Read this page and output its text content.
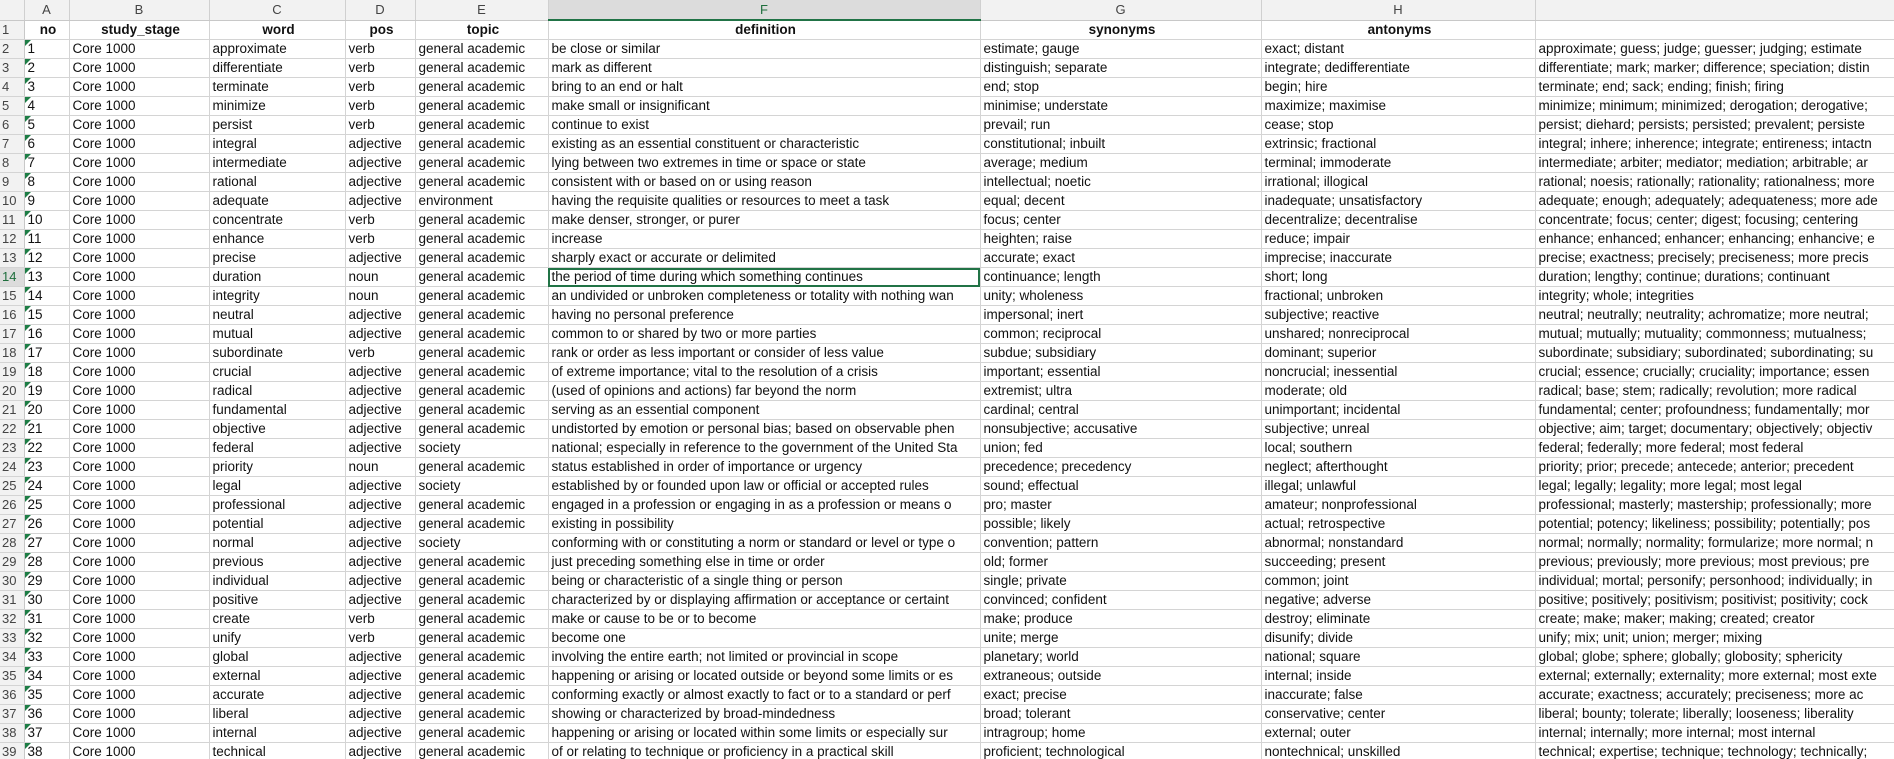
	A	B	C	D	E	F	G	H	
1	no	study_stage	word	pos	topic	definition	synonyms	antonyms	
2	1	Core 1000	approximate	verb	general academic	be close or similar	estimate; gauge	exact; distant	approximate; guess; judge; guesser; judging; estimate
3	2	Core 1000	differentiate	verb	general academic	mark as different	distinguish; separate	integrate; dedifferentiate	differentiate; mark; marker; difference; speciation; distin
4	3	Core 1000	terminate	verb	general academic	bring to an end or halt	end; stop	begin; hire	terminate; end; sack; ending; finish; firing
5	4	Core 1000	minimize	verb	general academic	make small or insignificant	minimise; understate	maximize; maximise	minimize; minimum; minimized; derogation; derogative;
6	5	Core 1000	persist	verb	general academic	continue to exist	prevail; run	cease; stop	persist; diehard; persists; persisted; prevalent; persiste
7	6	Core 1000	integral	adjective	general academic	existing as an essential constituent or characteristic	constitutional; inbuilt	extrinsic; fractional	integral; inhere; inherence; integrate; entireness; intactn
8	7	Core 1000	intermediate	adjective	general academic	lying between two extremes in time or space or state	average; medium	terminal; immoderate	intermediate; arbiter; mediator; mediation; arbitrable; ar
9	8	Core 1000	rational	adjective	general academic	consistent with or based on or using reason	intellectual; noetic	irrational; illogical	rational; noesis; rationally; rationality; rationalness; more
10	9	Core 1000	adequate	adjective	environment	having the requisite qualities or resources to meet a task	equal; decent	inadequate; unsatisfactory	adequate; enough; adequately; adequateness; more ade
11	10	Core 1000	concentrate	verb	general academic	make denser, stronger, or purer	focus; center	decentralize; decentralise	concentrate; focus; center; digest; focusing; centering
12	11	Core 1000	enhance	verb	general academic	increase	heighten; raise	reduce; impair	enhance; enhanced; enhancer; enhancing; enhancive; e
13	12	Core 1000	precise	adjective	general academic	sharply exact or accurate or delimited	accurate; exact	imprecise; inaccurate	precise; exactness; precisely; preciseness; more precis
14	13	Core 1000	duration	noun	general academic	the period of time during which something continues	continuance; length	short; long	duration; lengthy; continue; durations; continuant
15	14	Core 1000	integrity	noun	general academic	an undivided or unbroken completeness or totality with nothing wan	unity; wholeness	fractional; unbroken	integrity; whole; integrities
16	15	Core 1000	neutral	adjective	general academic	having no personal preference	impersonal; inert	subjective; reactive	neutral; neutrally; neutrality; achromatize; more neutral;
17	16	Core 1000	mutual	adjective	general academic	common to or shared by two or more parties	common; reciprocal	unshared; nonreciprocal	mutual; mutually; mutuality; commonness; mutualness;
18	17	Core 1000	subordinate	verb	general academic	rank or order as less important or consider of less value	subdue; subsidiary	dominant; superior	subordinate; subsidiary; subordinated; subordinating; su
19	18	Core 1000	crucial	adjective	general academic	of extreme importance; vital to the resolution of a crisis	important; essential	noncrucial; inessential	crucial; essence; crucially; cruciality; importance; essen
20	19	Core 1000	radical	adjective	general academic	(used of opinions and actions) far beyond the norm	extremist; ultra	moderate; old	radical; base; stem; radically; revolution; more radical
21	20	Core 1000	fundamental	adjective	general academic	serving as an essential component	cardinal; central	unimportant; incidental	fundamental; center; profoundness; fundamentally; mor
22	21	Core 1000	objective	adjective	general academic	undistorted by emotion or personal bias; based on observable phen	nonsubjective; accusative	subjective; unreal	objective; aim; target; documentary; objectively; objectiv
23	22	Core 1000	federal	adjective	society	national; especially in reference to the government of the United Sta	union; fed	local; southern	federal; federally; more federal; most federal
24	23	Core 1000	priority	noun	general academic	status established in order of importance or urgency	precedence; precedency	neglect; afterthought	priority; prior; precede; antecede; anterior; precedent
25	24	Core 1000	legal	adjective	society	established by or founded upon law or official or accepted rules	sound; effectual	illegal; unlawful	legal; legally; legality; more legal; most legal
26	25	Core 1000	professional	adjective	general academic	engaged in a profession or engaging in as a profession or means o	pro; master	amateur; nonprofessional	professional; masterly; mastership; professionally; more
27	26	Core 1000	potential	adjective	general academic	existing in possibility	possible; likely	actual; retrospective	potential; potency; likeliness; possibility; potentially; pos
28	27	Core 1000	normal	adjective	society	conforming with or constituting a norm or standard or level or type o	convention; pattern	abnormal; nonstandard	normal; normally; normality; formularize; more normal; n
29	28	Core 1000	previous	adjective	general academic	just preceding something else in time or order	old; former	succeeding; present	previous; previously; more previous; most previous; pre
30	29	Core 1000	individual	adjective	general academic	being or characteristic of a single thing or person	single; private	common; joint	individual; mortal; personify; personhood; individually; in
31	30	Core 1000	positive	adjective	general academic	characterized by or displaying affirmation or acceptance or certaint	convinced; confident	negative; adverse	positive; positively; positivism; positivist; positivity; cock
32	31	Core 1000	create	verb	general academic	make or cause to be or to become	make; produce	destroy; eliminate	create; make; maker; making; created; creator
33	32	Core 1000	unify	verb	general academic	become one	unite; merge	disunify; divide	unify; mix; unit; union; merger; mixing
34	33	Core 1000	global	adjective	general academic	involving the entire earth; not limited or provincial in scope	planetary; world	national; square	global; globe; sphere; globally; globosity; sphericity
35	34	Core 1000	external	adjective	general academic	happening or arising or located outside or beyond some limits or es	extraneous; outside	internal; inside	external; externally; externality; more external; most exte
36	35	Core 1000	accurate	adjective	general academic	conforming exactly or almost exactly to fact or to a standard or perf	exact; precise	inaccurate; false	accurate; exactness; accurately; preciseness; more ac
37	36	Core 1000	liberal	adjective	general academic	showing or characterized by broad-mindedness	broad; tolerant	conservative; center	liberal; bounty; tolerate; liberally; looseness; liberality
38	37	Core 1000	internal	adjective	general academic	happening or arising or located within some limits or especially sur	intragroup; home	external; outer	internal; internally; more internal; most internal
39	38	Core 1000	technical	adjective	general academic	of or relating to technique or proficiency in a practical skill	proficient; technological	nontechnical; unskilled	technical; expertise; technique; technology; technically;
